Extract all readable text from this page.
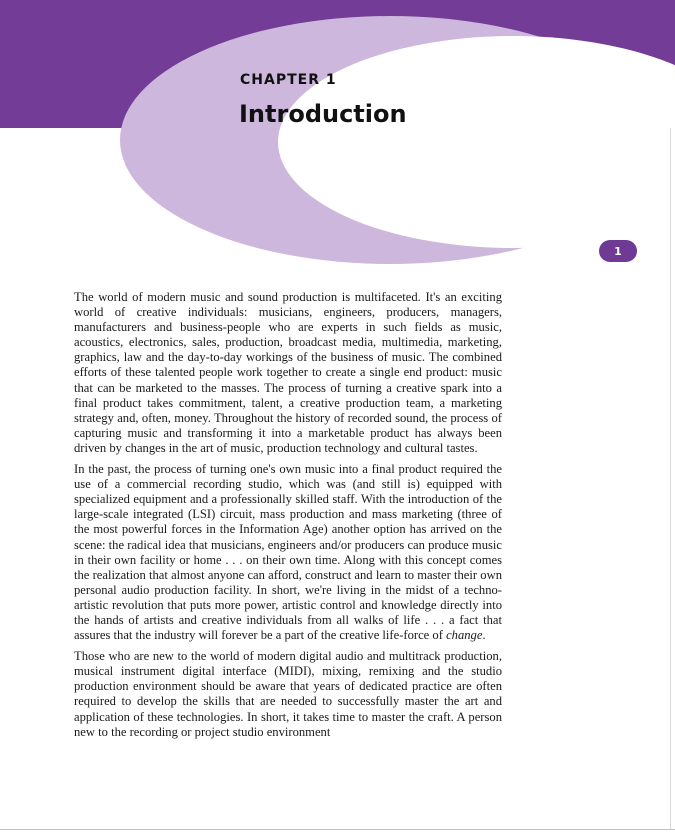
CHAPTER 1
Introduction
1

The world of modern music and sound production is multifaceted. It's an exciting world of creative individuals: musicians, engineers, producers, managers, manufacturers and business-people who are experts in such fields as music, acoustics, electronics, sales, production, broadcast media, multimedia, marketing, graphics, law and the day-to-day workings of the business of music. The combined efforts of these talented people work together to create a single end product: music that can be marketed to the masses. The process of turning a creative spark into a final product takes commitment, talent, a creative production team, a marketing strategy and, often, money. Throughout the history of recorded sound, the process of capturing music and transforming it into a marketable product has always been driven by changes in the art of music, production technology and cultural tastes.

In the past, the process of turning one's own music into a final product required the use of a commercial recording studio, which was (and still is) equipped with specialized equipment and a professionally skilled staff. With the introduction of the large-scale integrated (LSI) circuit, mass production and mass marketing (three of the most powerful forces in the Information Age) another option has arrived on the scene: the radical idea that musicians, engineers and/or producers can produce music in their own facility or home . . . on their own time. Along with this concept comes the realization that almost anyone can afford, construct and learn to master their own personal audio production facility. In short, we're living in the midst of a techno-artistic revolution that puts more power, artistic control and knowledge directly into the hands of artists and creative individuals from all walks of life . . . a fact that assures that the industry will forever be a part of the creative life-force of change.

Those who are new to the world of modern digital audio and multitrack production, musical instrument digital interface (MIDI), mixing, remixing and the studio production environment should be aware that years of dedicated practice are often required to develop the skills that are needed to successfully master the art and application of these technologies. In short, it takes time to master the craft. A person new to the recording or project studio environment
